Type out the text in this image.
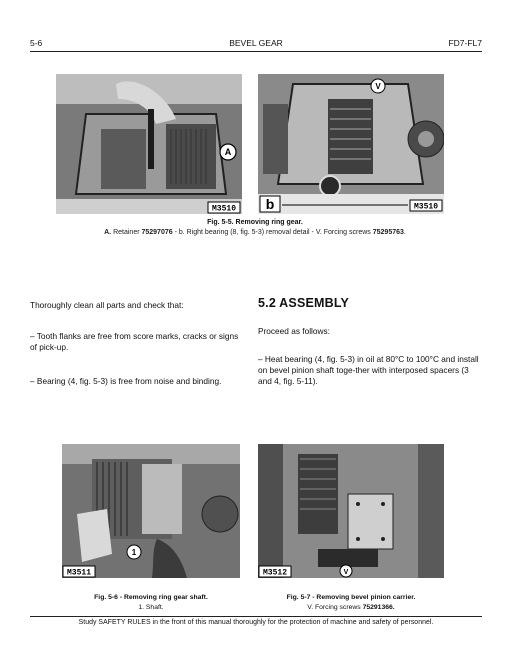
5-6	BEVEL GEAR	FD7-FL7
A
M3510
V
b	M3510
Fig. 5-5. Removing ring gear.
A. Retainer 75297076 - b. Right bearing (8, fig. 5-3) removal detail - V. Forcing screws 75295763.
Thoroughly clean all parts and check that:
– Tooth flanks are free from score marks, cracks or signs of pick-up.
– Bearing (4, fig. 5-3) is free from noise and binding.
5.2 ASSEMBLY
Proceed as follows:
– Heat bearing (4, fig. 5-3) in oil at 80°C to 100°C and install on bevel pinion shaft toge-ther with interposed spacers (3 and 4, fig. 5-11).
1
M3511	V
M3512
Fig. 5-6 - Removing ring gear shaft.
1. Shaft.
Fig. 5-7 - Removing bevel pinion carrier.
V. Forcing screws 75291366.
Study SAFETY RULES in the front of this manual thoroughly for the protection of machine and safety of personnel.
